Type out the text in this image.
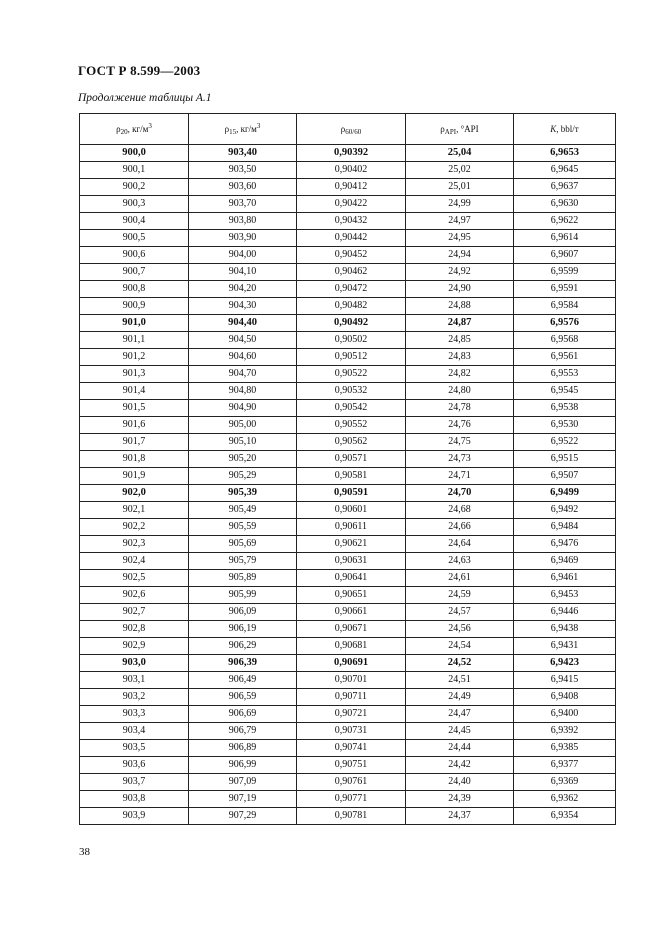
ГОСТ Р 8.599—2003
Продолжение таблицы А.1
$\rho_{20}$, $кг/м^3$	$\rho_{15}$, $кг/м^3$	$\rho_{60/60}$	$\rho_{API}$, °API	K, bbl/т
900,0	903,40	0,90392	25,04	6,9653
900,1	903,50	0,90402	25,02	6,9645
900,2	903,60	0,90412	25,01	6,9637
900,3	903,70	0,90422	24,99	6,9630
900,4	903,80	0,90432	24,97	6,9622
900,5	903,90	0,90442	24,95	6,9614
900,6	904,00	0,90452	24,94	6,9607
900,7	904,10	0,90462	24,92	6,9599
900,8	904,20	0,90472	24,90	6,9591
900,9	904,30	0,90482	24,88	6,9584
901,0	904,40	0,90492	24,87	6,9576
901,1	904,50	0,90502	24,85	6,9568
901,2	904,60	0,90512	24,83	6,9561
901,3	904,70	0,90522	24,82	6,9553
901,4	904,80	0,90532	24,80	6,9545
901,5	904,90	0,90542	24,78	6,9538
901,6	905,00	0,90552	24,76	6,9530
901,7	905,10	0,90562	24,75	6,9522
901,8	905,20	0,90571	24,73	6,9515
901,9	905,29	0,90581	24,71	6,9507
902,0	905,39	0,90591	24,70	6,9499
902,1	905,49	0,90601	24,68	6,9492
902,2	905,59	0,90611	24,66	6,9484
902,3	905,69	0,90621	24,64	6,9476
902,4	905,79	0,90631	24,63	6,9469
902,5	905,89	0,90641	24,61	6,9461
902,6	905,99	0,90651	24,59	6,9453
902,7	906,09	0,90661	24,57	6,9446
902,8	906,19	0,90671	24,56	6,9438
902,9	906,29	0,90681	24,54	6,9431
903,0	906,39	0,90691	24,52	6,9423
903,1	906,49	0,90701	24,51	6,9415
903,2	906,59	0,90711	24,49	6,9408
903,3	906,69	0,90721	24,47	6,9400
903,4	906,79	0,90731	24,45	6,9392
903,5	906,89	0,90741	24,44	6,9385
903,6	906,99	0,90751	24,42	6,9377
903,7	907,09	0,90761	24,40	6,9369
903,8	907,19	0,90771	24,39	6,9362
903,9	907,29	0,90781	24,37	6,9354
38
